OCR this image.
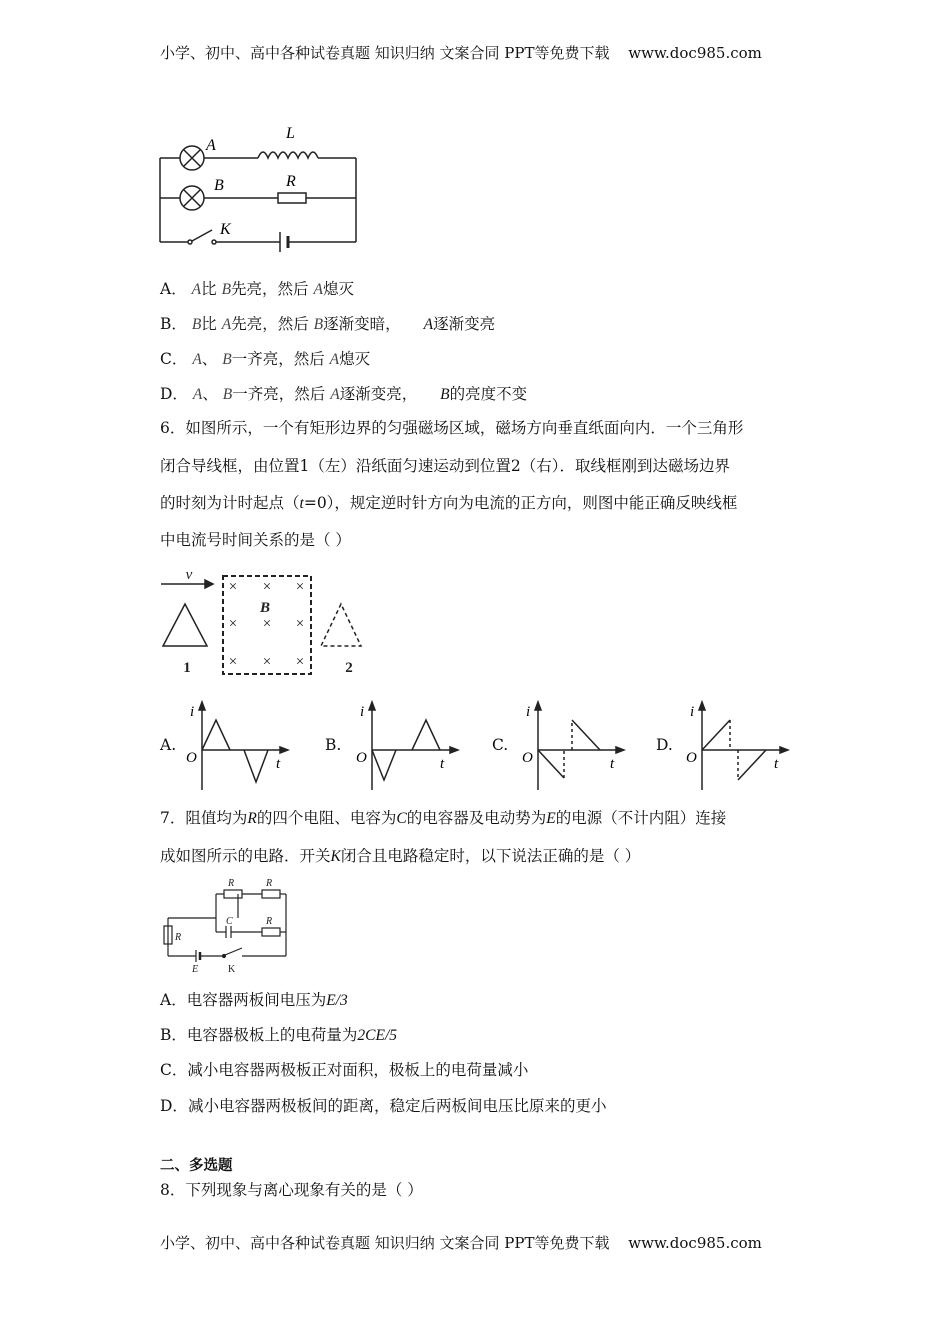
小学、初中、高中各种试卷真题 知识归纳 文案合同 PPT等免费下载 www.doc985.com
A
B
L
R
K
A． A比 B先亮，然后 A熄灭
B． B比 A先亮，然后 B逐渐变暗， A逐渐变亮
C． A、 B一齐亮，然后 A熄灭
D． A、 B一齐亮，然后 A逐渐变亮， B的亮度不变
6．如图所示，一个有矩形边界的匀强磁场区域，磁场方向垂直纸面向内．一个三角形
闭合导线框，由位置1（左）沿纸面匀速运动到位置2（右）．取线框刚到达磁场边界
的时刻为计时起点（t=0），规定逆时针方向为电流的正方向，则图中能正确反映线框
中电流号时间关系的是（ ）
v
× × ×
B
× × ×
× × ×
1	2
A.
i
O	t
B.
i
O	t
C.
i
O	t
D.
i
O	t
7．阻值均为R的四个电阻、电容为C的电容器及电动势为E的电源（不计内阻）连接
成如图所示的电路．开关K闭合且电路稳定时，以下说法正确的是（ ）
R	R
C	R
R
E	K
A．电容器两板间电压为E/3
B．电容器极板上的电荷量为2CE/5
C．减小电容器两极板正对面积，极板上的电荷量减小
D．减小电容器两极板间的距离，稳定后两板间电压比原来的更小
二、多选题
8．下列现象与离心现象有关的是（ ）
小学、初中、高中各种试卷真题 知识归纳 文案合同 PPT等免费下载 www.doc985.com
